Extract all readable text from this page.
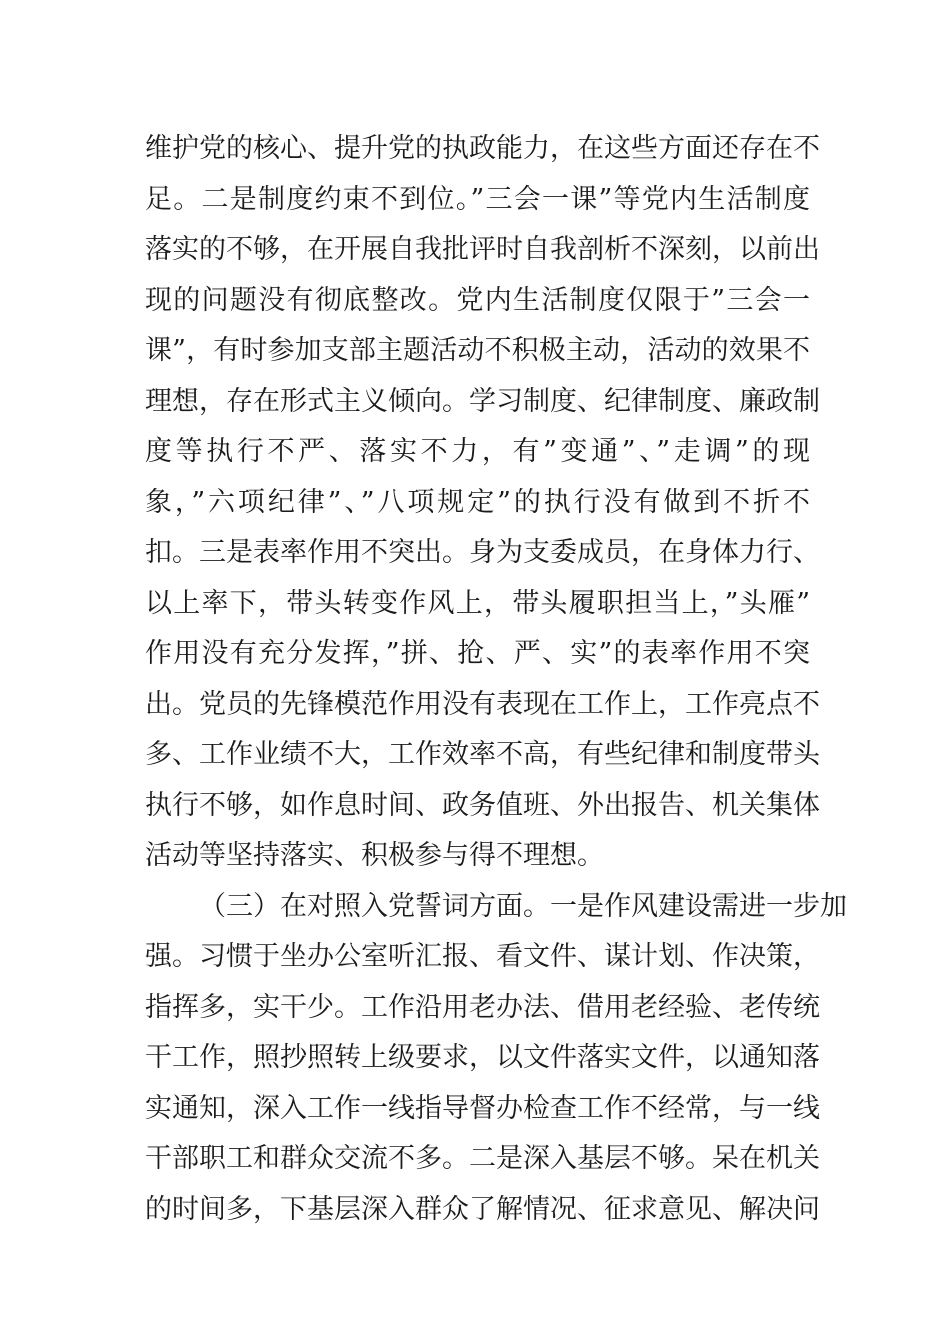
维护党的核心、提升党的执政能力，在这些方面还存在不
足。二是制度约束不到位。”三会一课”等党内生活制度
落实的不够，在开展自我批评时自我剖析不深刻，以前出
现的问题没有彻底整改。党内生活制度仅限于”三会一
课”，有时参加支部主题活动不积极主动，活动的效果不
理想，存在形式主义倾向。学习制度、纪律制度、廉政制
度等执行不严、落实不力，有”变通”、”走调”的现
象，”六项纪律”、”八项规定”的执行没有做到不折不
扣。三是表率作用不突出。身为支委成员，在身体力行、
以上率下，带头转变作风上，带头履职担当上，”头雁”
作用没有充分发挥，”拼、抢、严、实”的表率作用不突
出。党员的先锋模范作用没有表现在工作上，工作亮点不
多、工作业绩不大，工作效率不高，有些纪律和制度带头
执行不够，如作息时间、政务值班、外出报告、机关集体
活动等坚持落实、积极参与得不理想。
（三）在对照入党誓词方面。一是作风建设需进一步加
强。习惯于坐办公室听汇报、看文件、谋计划、作决策，
指挥多，实干少。工作沿用老办法、借用老经验、老传统
干工作，照抄照转上级要求，以文件落实文件，以通知落
实通知，深入工作一线指导督办检查工作不经常，与一线
干部职工和群众交流不多。二是深入基层不够。呆在机关
的时间多，下基层深入群众了解情况、征求意见、解决问
